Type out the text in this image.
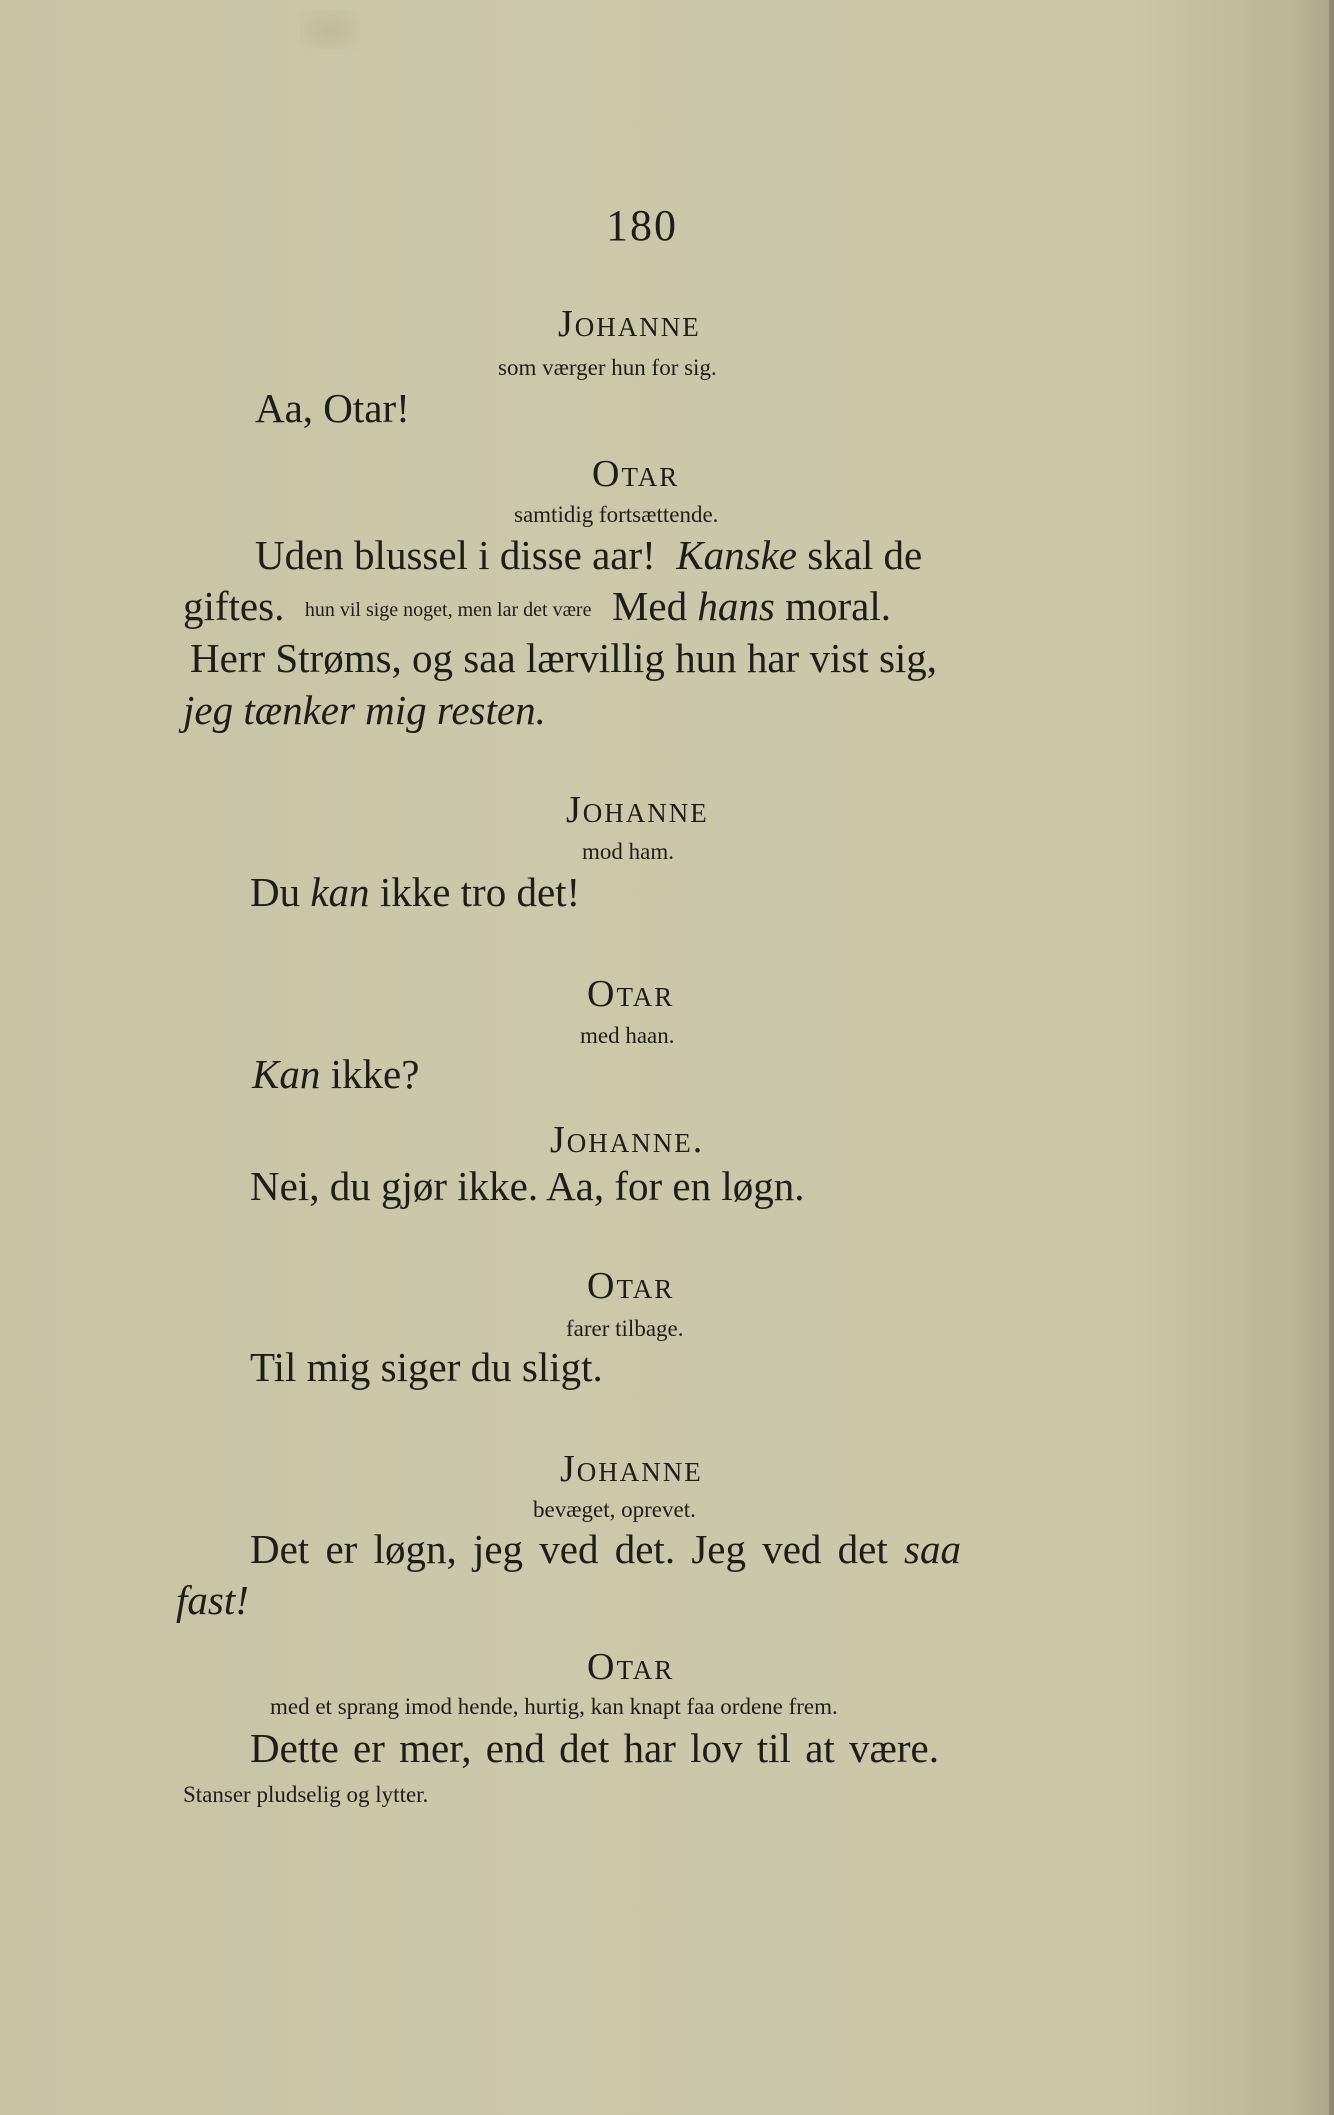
180
Johanne
som værger hun for sig.
Aa, Otar!
Otar
samtidig fortsættende.
Uden blussel i disse aar! Kanske skal de
giftes. hun vil sige noget, men lar det være Med hans moral.
Herr Strøms, og saa lærvillig hun har vist sig,
jeg tænker mig resten.
Johanne
mod ham.
Du kan ikke tro det!
Otar
med haan.
Kan ikke?
Johanne.
Nei, du gjør ikke. Aa, for en løgn.
Otar
farer tilbage.
Til mig siger du sligt.
Johanne
bevæget, oprevet.
Det er løgn, jeg ved det. Jeg ved det saa
fast!
Otar
med et sprang imod hende, hurtig, kan knapt faa ordene frem.
Dette er mer, end det har lov til at være.
Stanser pludselig og lytter.
